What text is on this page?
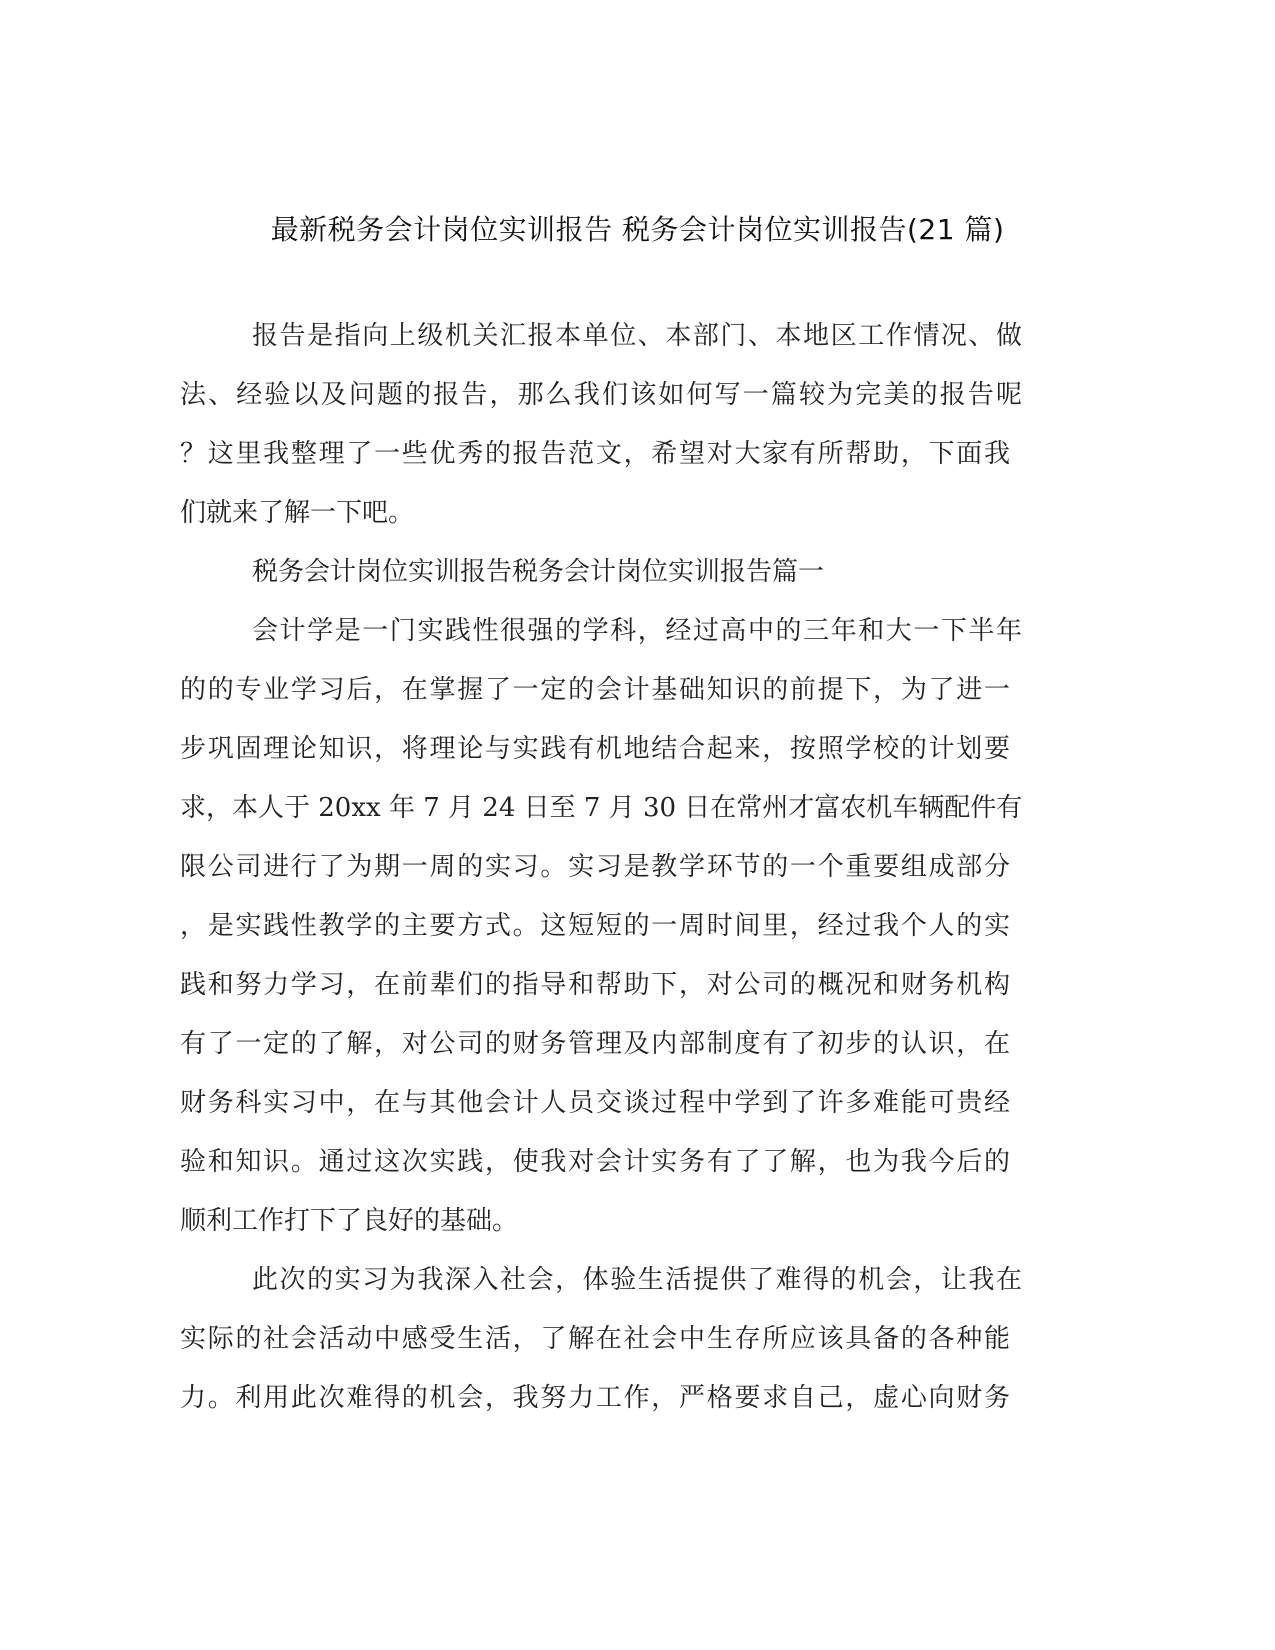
最新税务会计岗位实训报告 税务会计岗位实训报告(21 篇)
报告是指向上级机关汇报本单位、本部门、本地区工作情况、做
法、经验以及问题的报告，那么我们该如何写一篇较为完美的报告呢
？这里我整理了一些优秀的报告范文，希望对大家有所帮助，下面我
们就来了解一下吧。
税务会计岗位实训报告税务会计岗位实训报告篇一
会计学是一门实践性很强的学科，经过高中的三年和大一下半年
的的专业学习后，在掌握了一定的会计基础知识的前提下，为了进一
步巩固理论知识，将理论与实践有机地结合起来，按照学校的计划要
求，本人于 20xx 年 7 月 24 日至 7 月 30 日在常州才富农机车辆配件有
限公司进行了为期一周的实习。实习是教学环节的一个重要组成部分
，是实践性教学的主要方式。这短短的一周时间里，经过我个人的实
践和努力学习，在前辈们的指导和帮助下，对公司的概况和财务机构
有了一定的了解，对公司的财务管理及内部制度有了初步的认识，在
财务科实习中，在与其他会计人员交谈过程中学到了许多难能可贵经
验和知识。通过这次实践，使我对会计实务有了了解，也为我今后的
顺利工作打下了良好的基础。
此次的实习为我深入社会，体验生活提供了难得的机会，让我在
实际的社会活动中感受生活，了解在社会中生存所应该具备的各种能
力。利用此次难得的机会，我努力工作，严格要求自己，虚心向财务
